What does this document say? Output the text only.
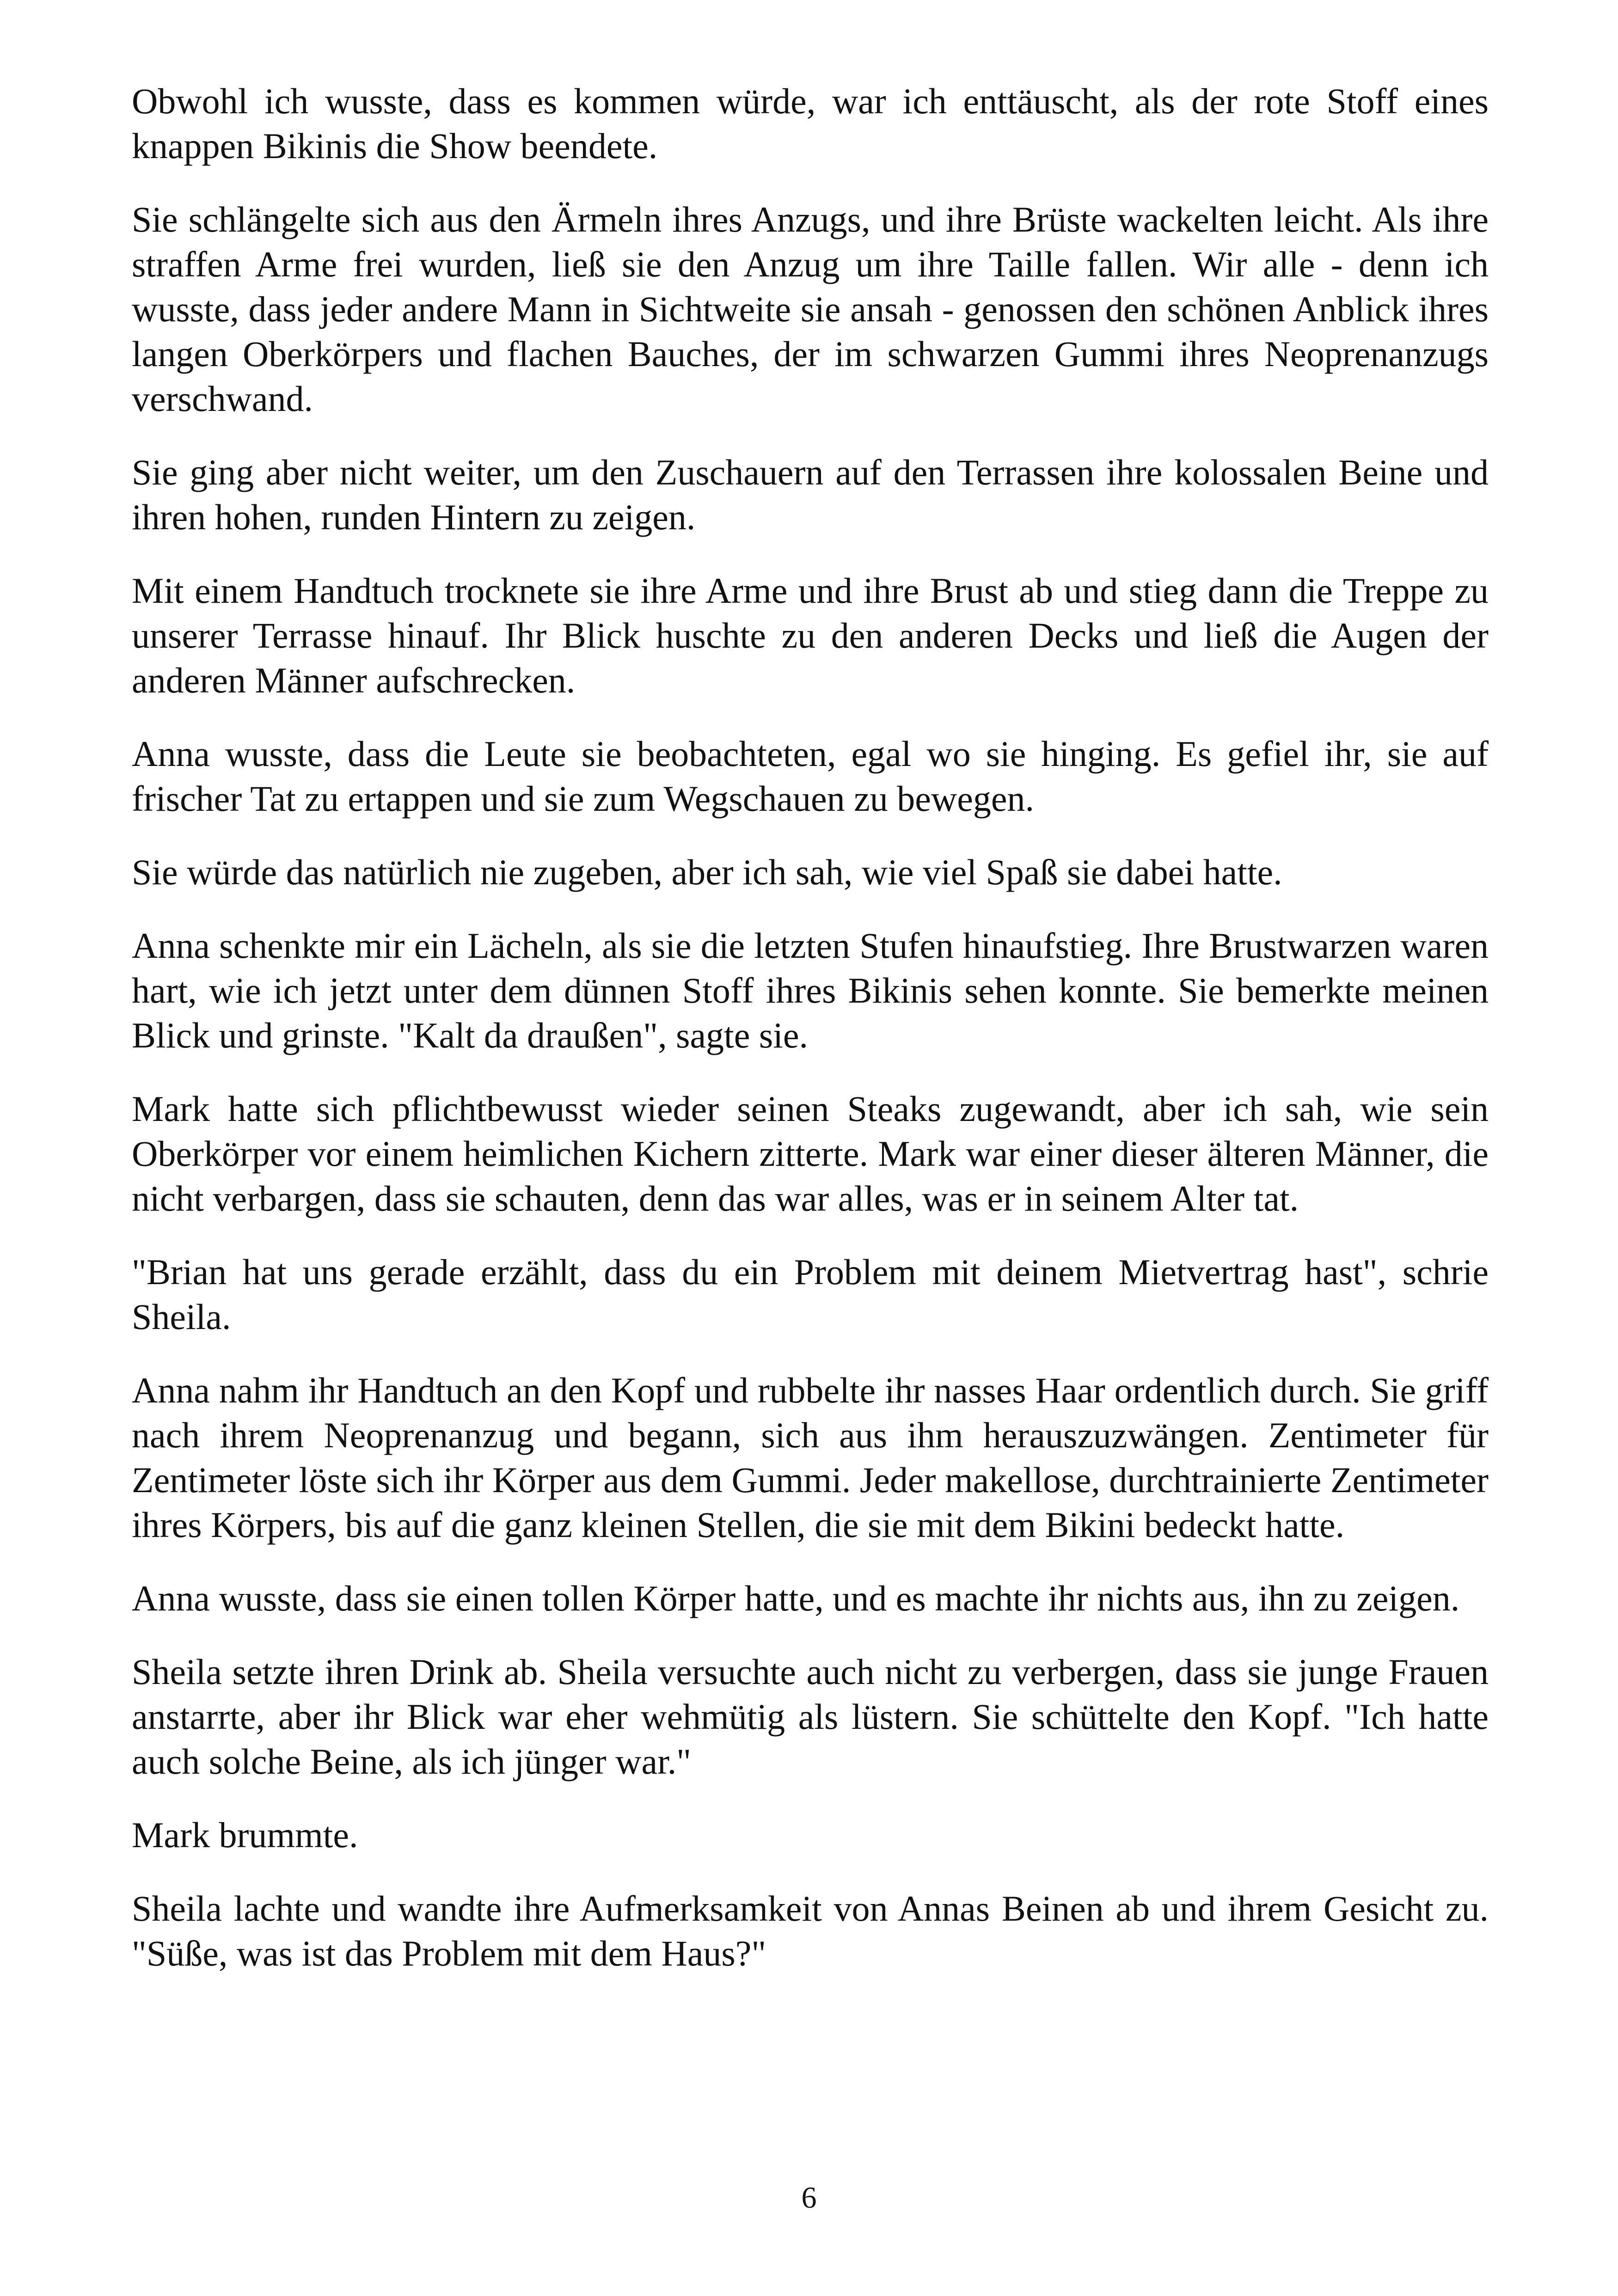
Obwohl ich wusste, dass es kommen würde, war ich enttäuscht, als der rote Stoff eines knappen Bikinis die Show beendete.

Sie schlängelte sich aus den Ärmeln ihres Anzugs, und ihre Brüste wackelten leicht. Als ihre straffen Arme frei wurden, ließ sie den Anzug um ihre Taille fallen. Wir alle - denn ich wusste, dass jeder andere Mann in Sichtweite sie ansah - genossen den schönen Anblick ihres langen Oberkörpers und flachen Bauches, der im schwarzen Gummi ihres Neoprenanzugs verschwand.

Sie ging aber nicht weiter, um den Zuschauern auf den Terrassen ihre kolossalen Beine und ihren hohen, runden Hintern zu zeigen.

Mit einem Handtuch trocknete sie ihre Arme und ihre Brust ab und stieg dann die Treppe zu unserer Terrasse hinauf. Ihr Blick huschte zu den anderen Decks und ließ die Augen der anderen Männer aufschrecken.

Anna wusste, dass die Leute sie beobachteten, egal wo sie hinging. Es gefiel ihr, sie auf frischer Tat zu ertappen und sie zum Wegschauen zu bewegen.

Sie würde das natürlich nie zugeben, aber ich sah, wie viel Spaß sie dabei hatte.

Anna schenkte mir ein Lächeln, als sie die letzten Stufen hinaufstieg. Ihre Brustwarzen waren hart, wie ich jetzt unter dem dünnen Stoff ihres Bikinis sehen konnte. Sie bemerkte meinen Blick und grinste. "Kalt da draußen", sagte sie.

Mark hatte sich pflichtbewusst wieder seinen Steaks zugewandt, aber ich sah, wie sein Oberkörper vor einem heimlichen Kichern zitterte. Mark war einer dieser älteren Männer, die nicht verbargen, dass sie schauten, denn das war alles, was er in seinem Alter tat.

"Brian hat uns gerade erzählt, dass du ein Problem mit deinem Mietvertrag hast", schrie Sheila.

Anna nahm ihr Handtuch an den Kopf und rubbelte ihr nasses Haar ordentlich durch. Sie griff nach ihrem Neoprenanzug und begann, sich aus ihm herauszuzwängen. Zentimeter für Zentimeter löste sich ihr Körper aus dem Gummi. Jeder makellose, durchtrainierte Zentimeter ihres Körpers, bis auf die ganz kleinen Stellen, die sie mit dem Bikini bedeckt hatte.

Anna wusste, dass sie einen tollen Körper hatte, und es machte ihr nichts aus, ihn zu zeigen.

Sheila setzte ihren Drink ab. Sheila versuchte auch nicht zu verbergen, dass sie junge Frauen anstarrte, aber ihr Blick war eher wehmütig als lüstern. Sie schüttelte den Kopf. "Ich hatte auch solche Beine, als ich jünger war."

Mark brummte.

Sheila lachte und wandte ihre Aufmerksamkeit von Annas Beinen ab und ihrem Gesicht zu. "Süße, was ist das Problem mit dem Haus?"

6
